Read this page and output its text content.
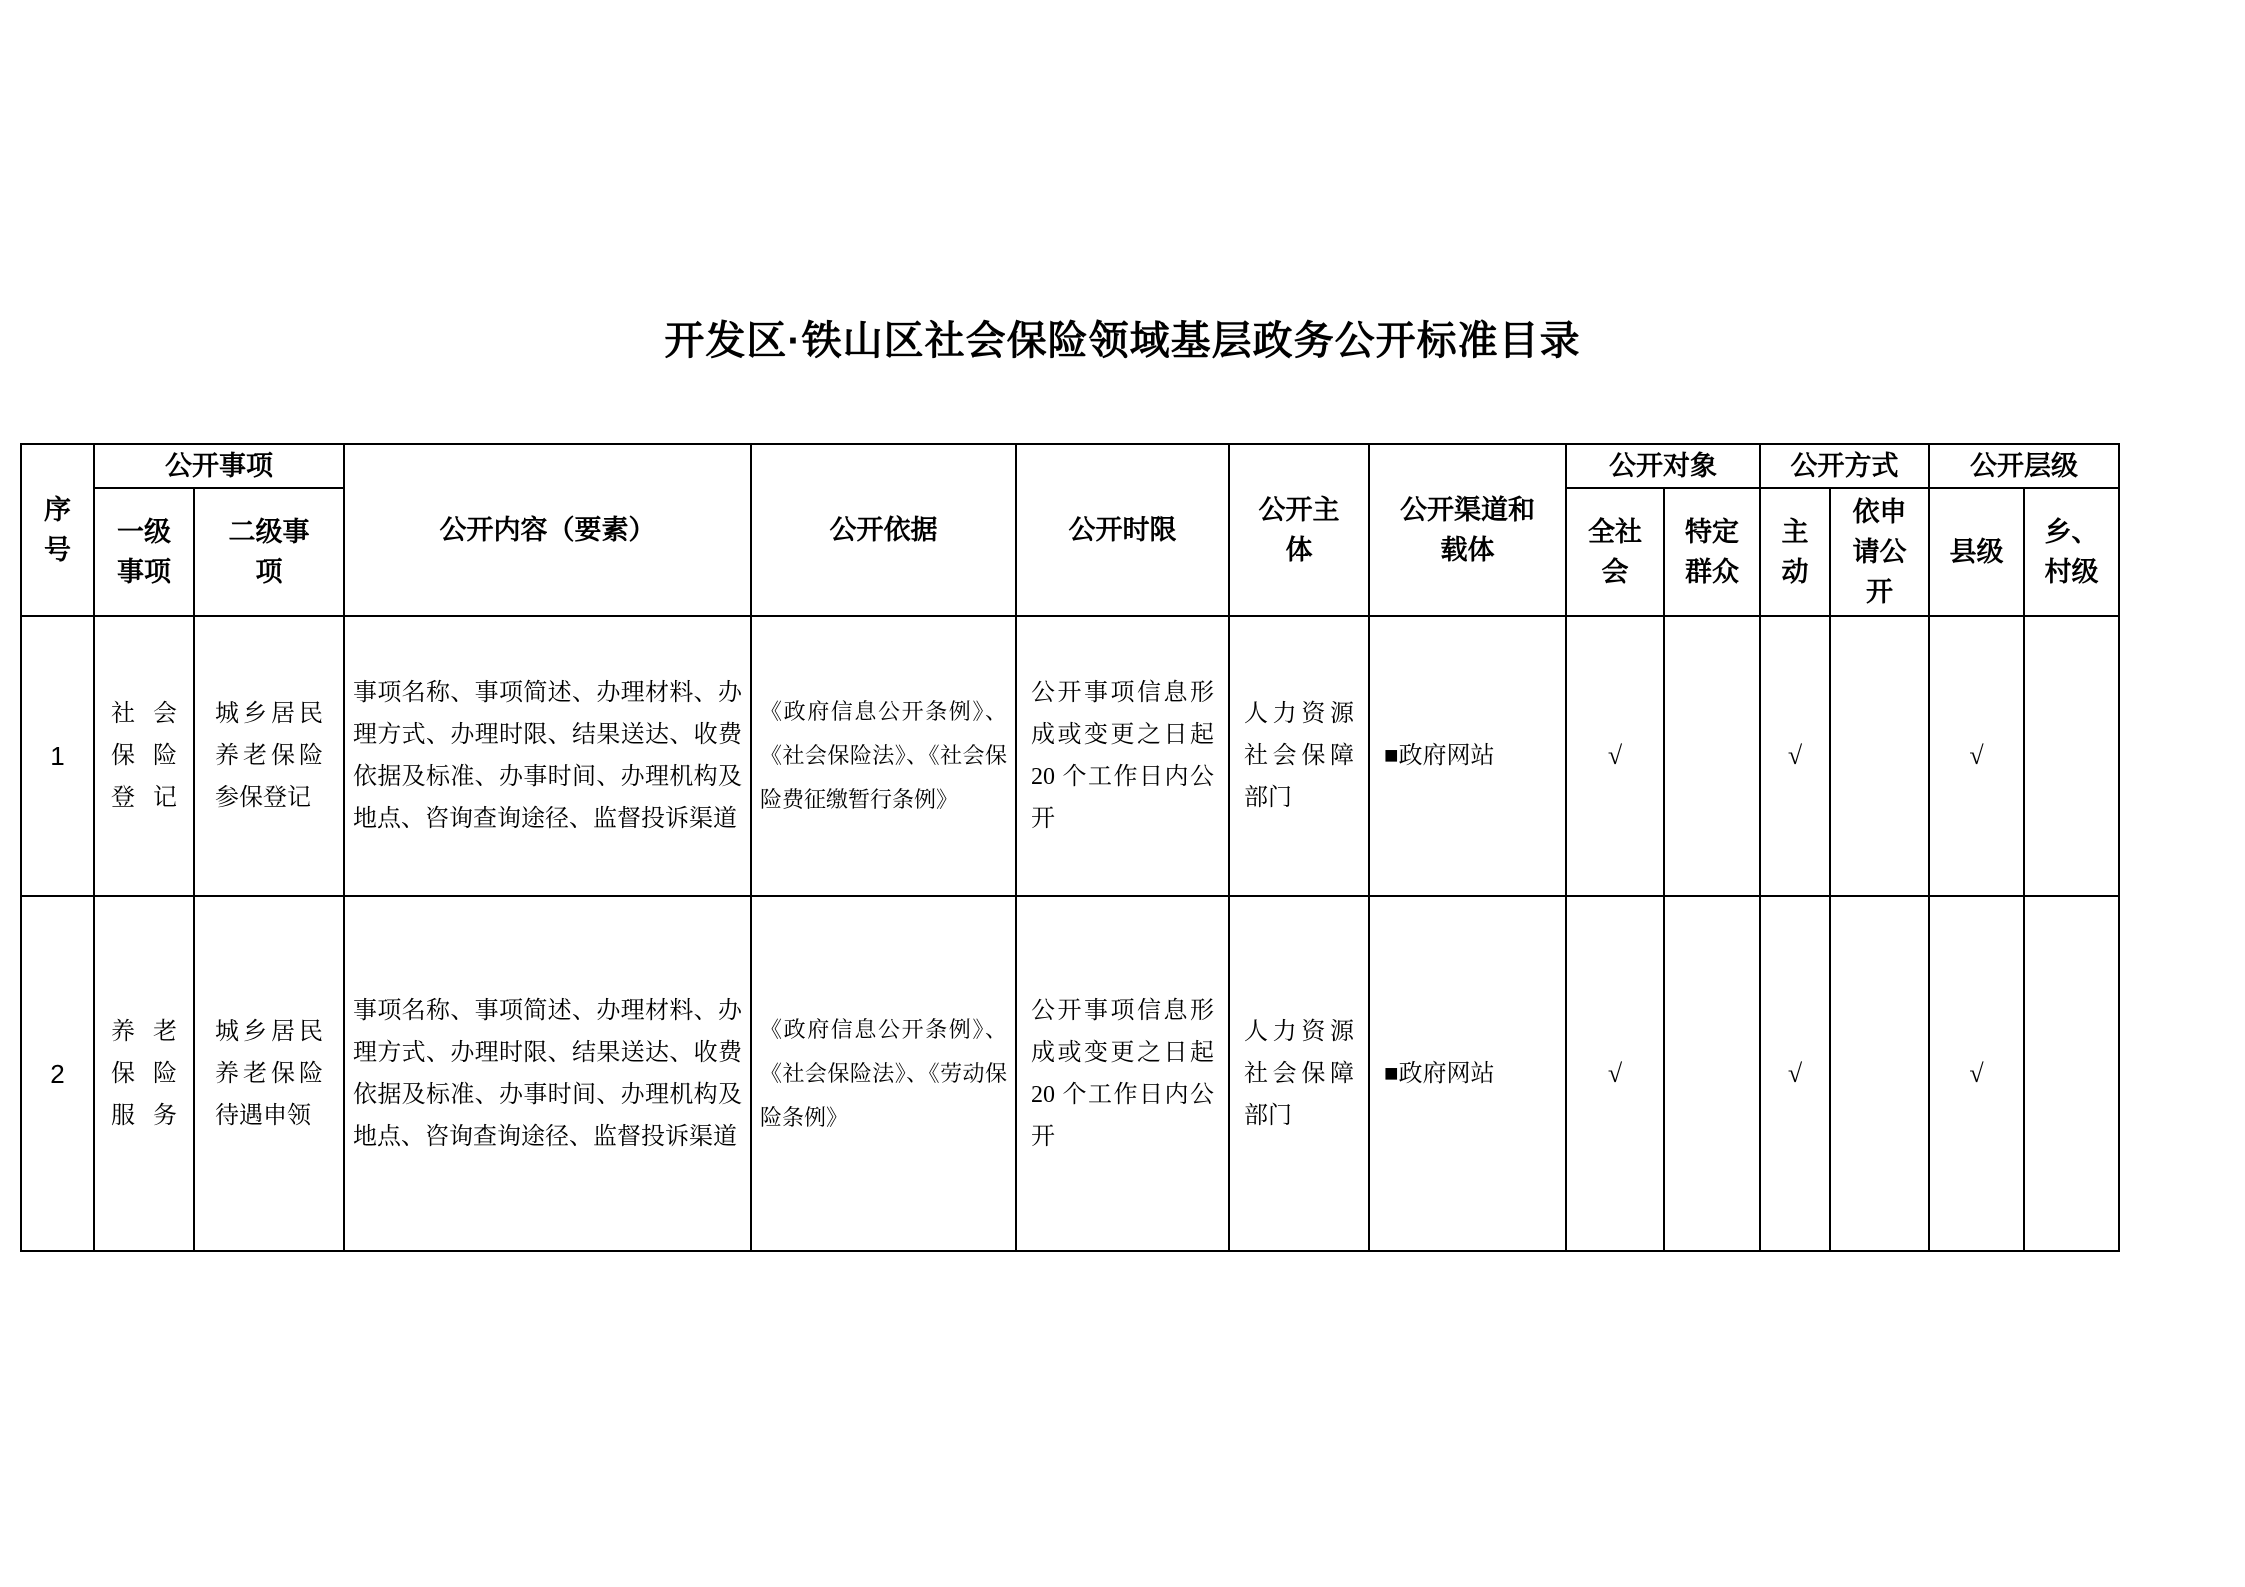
开发区·铁山区社会保险领域基层政务公开标准目录
序号	公开事项		公开内容（要素）	公开依据	公开时限	公开主体	公开渠道和载体	公开对象		公开方式		公开层级	
	一级事项	二级事项						全社会	特定群众	主动	依申请公开	县级	乡、村级
1	社会保险登记	城乡居民养老保险参保登记	事项名称、事项简述、办理材料、办理方式、办理时限、结果送达、收费依据及标准、办事时间、办理机构及地点、咨询查询途径、监督投诉渠道	《政府信息公开条例》、《社会保险法》、《社会保险费征缴暂行条例》	公开事项信息形成或变更之日起20 个工作日内公开	人力资源社会保障部门	■政府网站	√		√		√	
2	养老保险服务	城乡居民养老保险待遇申领	事项名称、事项简述、办理材料、办理方式、办理时限、结果送达、收费依据及标准、办事时间、办理机构及地点、咨询查询途径、监督投诉渠道	《政府信息公开条例》、《社会保险法》、《劳动保险条例》	公开事项信息形成或变更之日起20 个工作日内公开	人力资源社会保障部门	■政府网站	√		√		√	
